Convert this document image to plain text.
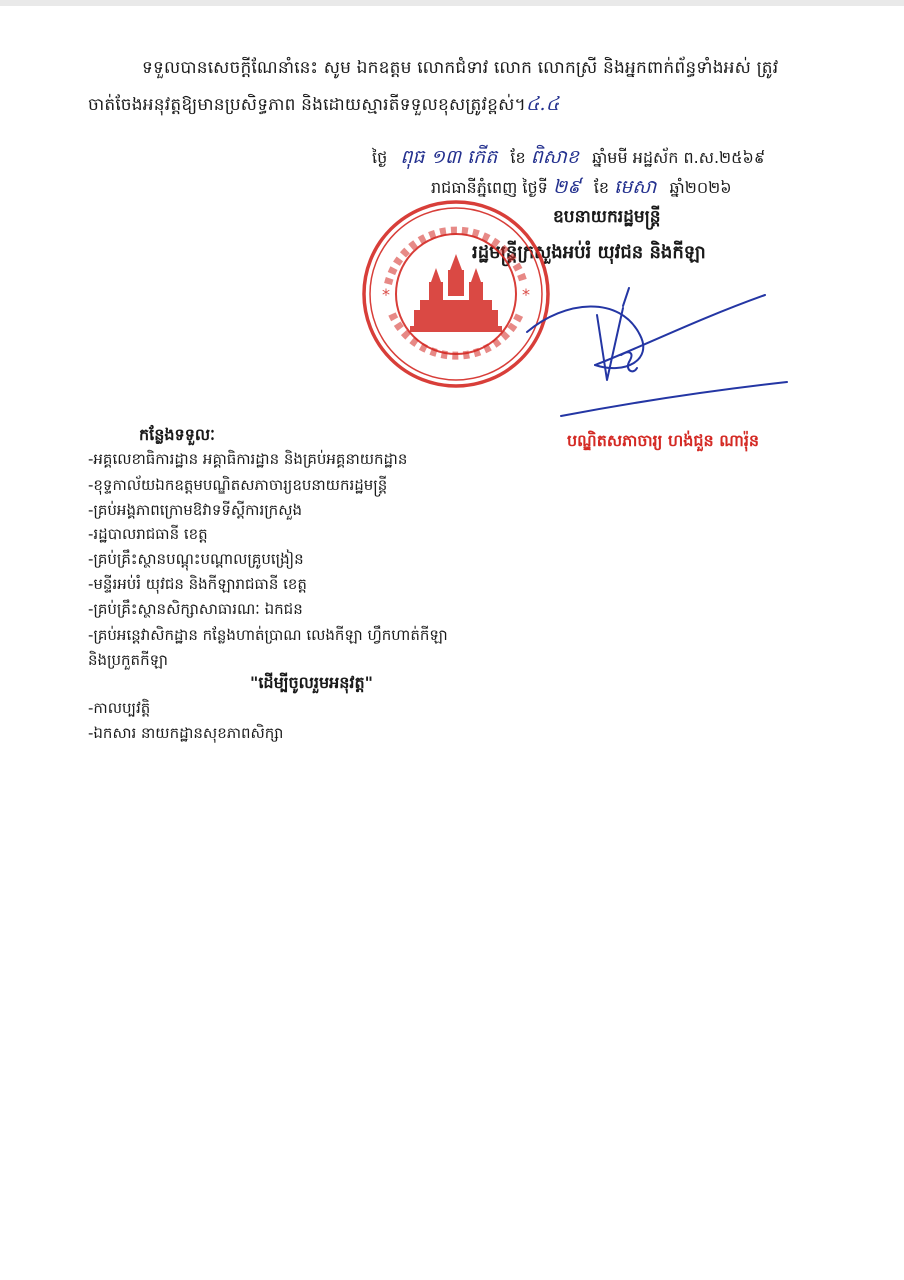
ទទួលបានសេចក្ដីណែនាំនេះ សូម ឯកឧត្ដម លោកជំទាវ លោក លោកស្រី និងអ្នកពាក់ព័ន្ធទាំងអស់ ត្រូវ
ចាត់ចែងអនុវត្តឱ្យមានប្រសិទ្ធភាព និងដោយស្មារតីទទួលខុសត្រូវខ្ពស់។៤.៤
ថ្ងៃ ពុធ ១៣ កើត ខែ ពិសាខ ឆ្នាំមមី អដ្ឋស័ក ព.ស.២៥៦៩
រាជធានីភ្នំពេញ ថ្ងៃទី ២៩ ខែ មេសា ឆ្នាំ២០២៦
ឧបនាយករដ្ឋមន្ត្រី
រដ្ឋមន្ត្រីក្រសួងអប់រំ យុវជន និងកីឡា
*	*
បណ្ឌិតសភាចារ្យ ហង់ជួន ណារ៉ុន
កន្លែងទទួលៈ
-អគ្គលេខាធិការដ្ឋាន អគ្គាធិការដ្ឋាន និងគ្រប់អគ្គនាយកដ្ឋាន
-ខុទ្ទកាល័យឯកឧត្ដមបណ្ឌិតសភាចារ្យឧបនាយករដ្ឋមន្ត្រី
-គ្រប់អង្គភាពក្រោមឱវាទទីស្ដីការក្រសួង
-រដ្ឋបាលរាជធានី ខេត្ត
-គ្រប់គ្រឹះស្ថានបណ្ដុះបណ្ដាលគ្រូបង្រៀន
-មន្ទីរអប់រំ យុវជន និងកីឡារាជធានី ខេត្ត
-គ្រប់គ្រឹះស្ថានសិក្សាសាធារណៈ ឯកជន
-គ្រប់អន្តេវាសិកដ្ឋាន កន្លែងហាត់ប្រាណ លេងកីឡា ហ្វឹកហាត់កីឡា
និងប្រកួតកីឡា
"ដើម្បីចូលរួមអនុវត្ត"
-កាលប្បវត្តិ
-ឯកសារ នាយកដ្ឋានសុខភាពសិក្សា
